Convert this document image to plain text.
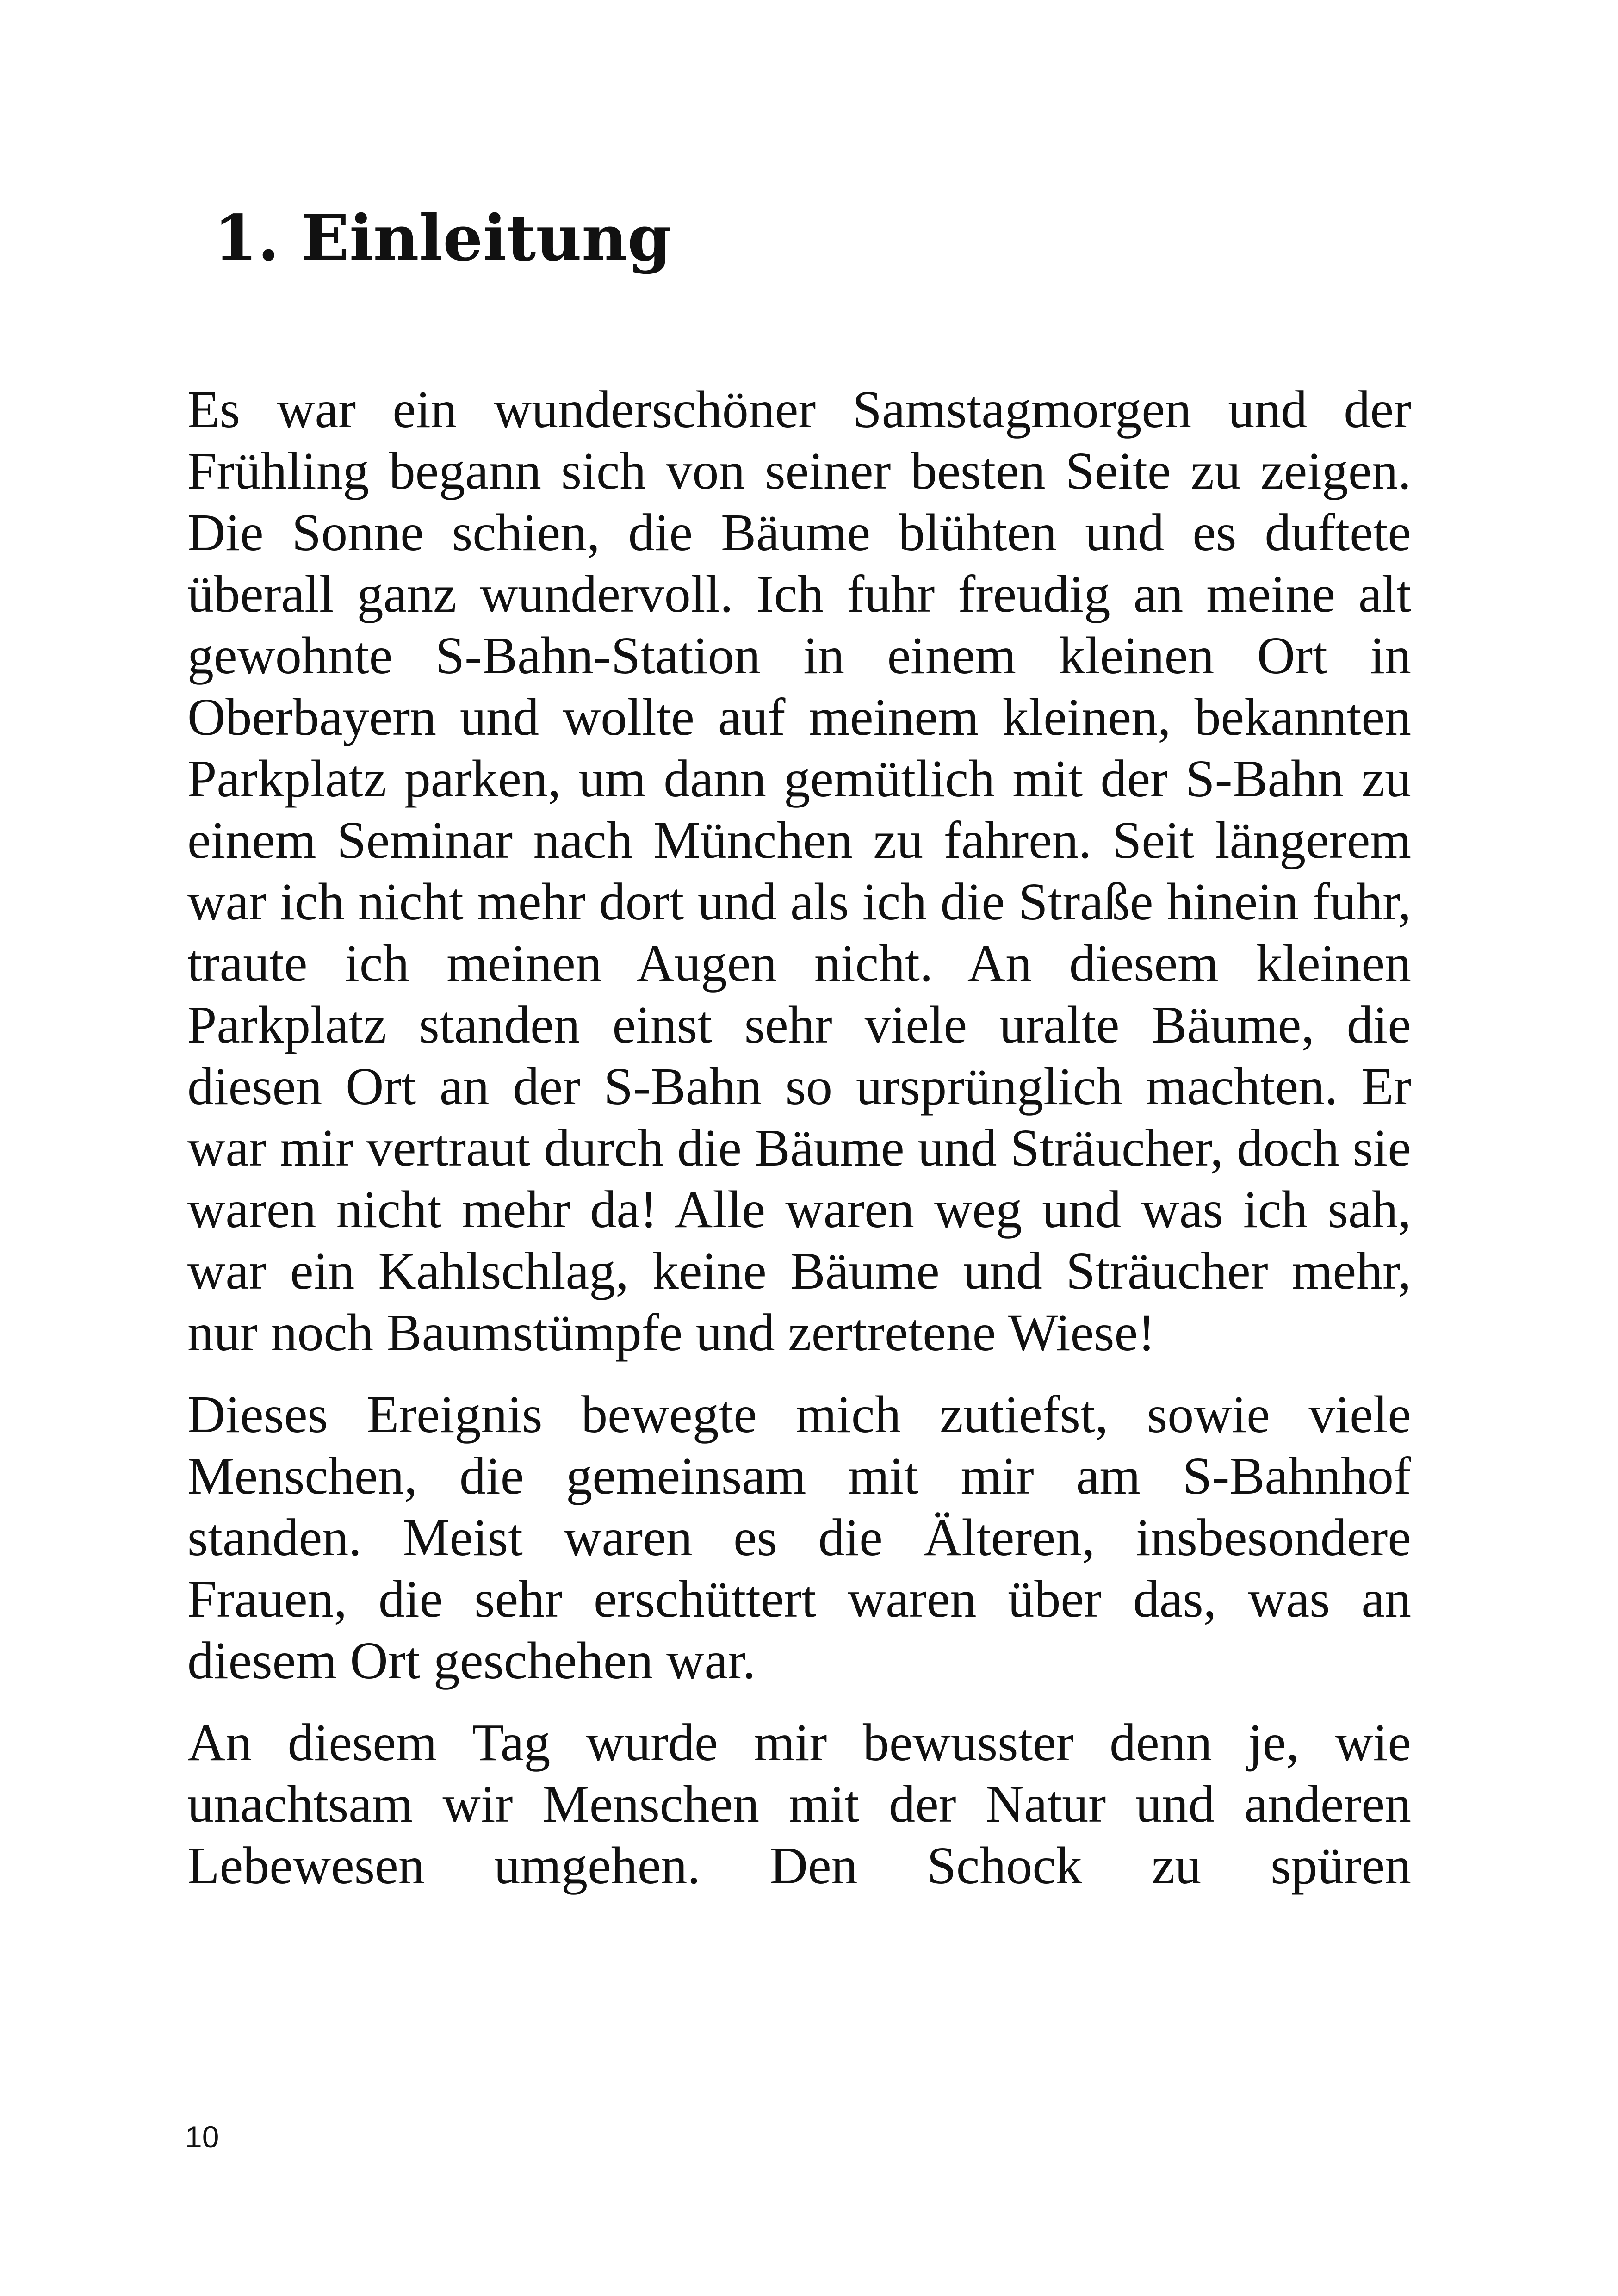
1. Einleitung

Es war ein wunderschöner Samstagmorgen und der Frühling begann sich von seiner besten Seite zu zeigen. Die Sonne schien, die Bäume blühten und es duftete überall ganz wundervoll. Ich fuhr freudig an meine alt gewohnte S-Bahn-Station in einem kleinen Ort in Oberbayern und wollte auf meinem kleinen, bekannten Parkplatz parken, um dann gemütlich mit der S-Bahn zu einem Seminar nach München zu fahren. Seit längerem war ich nicht mehr dort und als ich die Straße hinein fuhr, traute ich meinen Augen nicht. An diesem kleinen Parkplatz standen einst sehr viele uralte Bäume, die diesen Ort an der S-Bahn so ursprünglich machten. Er war mir vertraut durch die Bäume und Sträucher, doch sie waren nicht mehr da! Alle waren weg und was ich sah, war ein Kahlschlag, keine Bäume und Sträucher mehr, nur noch Baumstümpfe und zertretene Wiese!

Dieses Ereignis bewegte mich zutiefst, sowie viele Menschen, die gemeinsam mit mir am S-Bahnhof standen. Meist waren es die Älteren, insbesondere Frauen, die sehr erschüttert waren über das, was an diesem Ort geschehen war.

An diesem Tag wurde mir bewusster denn je, wie unachtsam wir Menschen mit der Natur und anderen Lebewesen umgehen. Den Schock zu spüren

10
